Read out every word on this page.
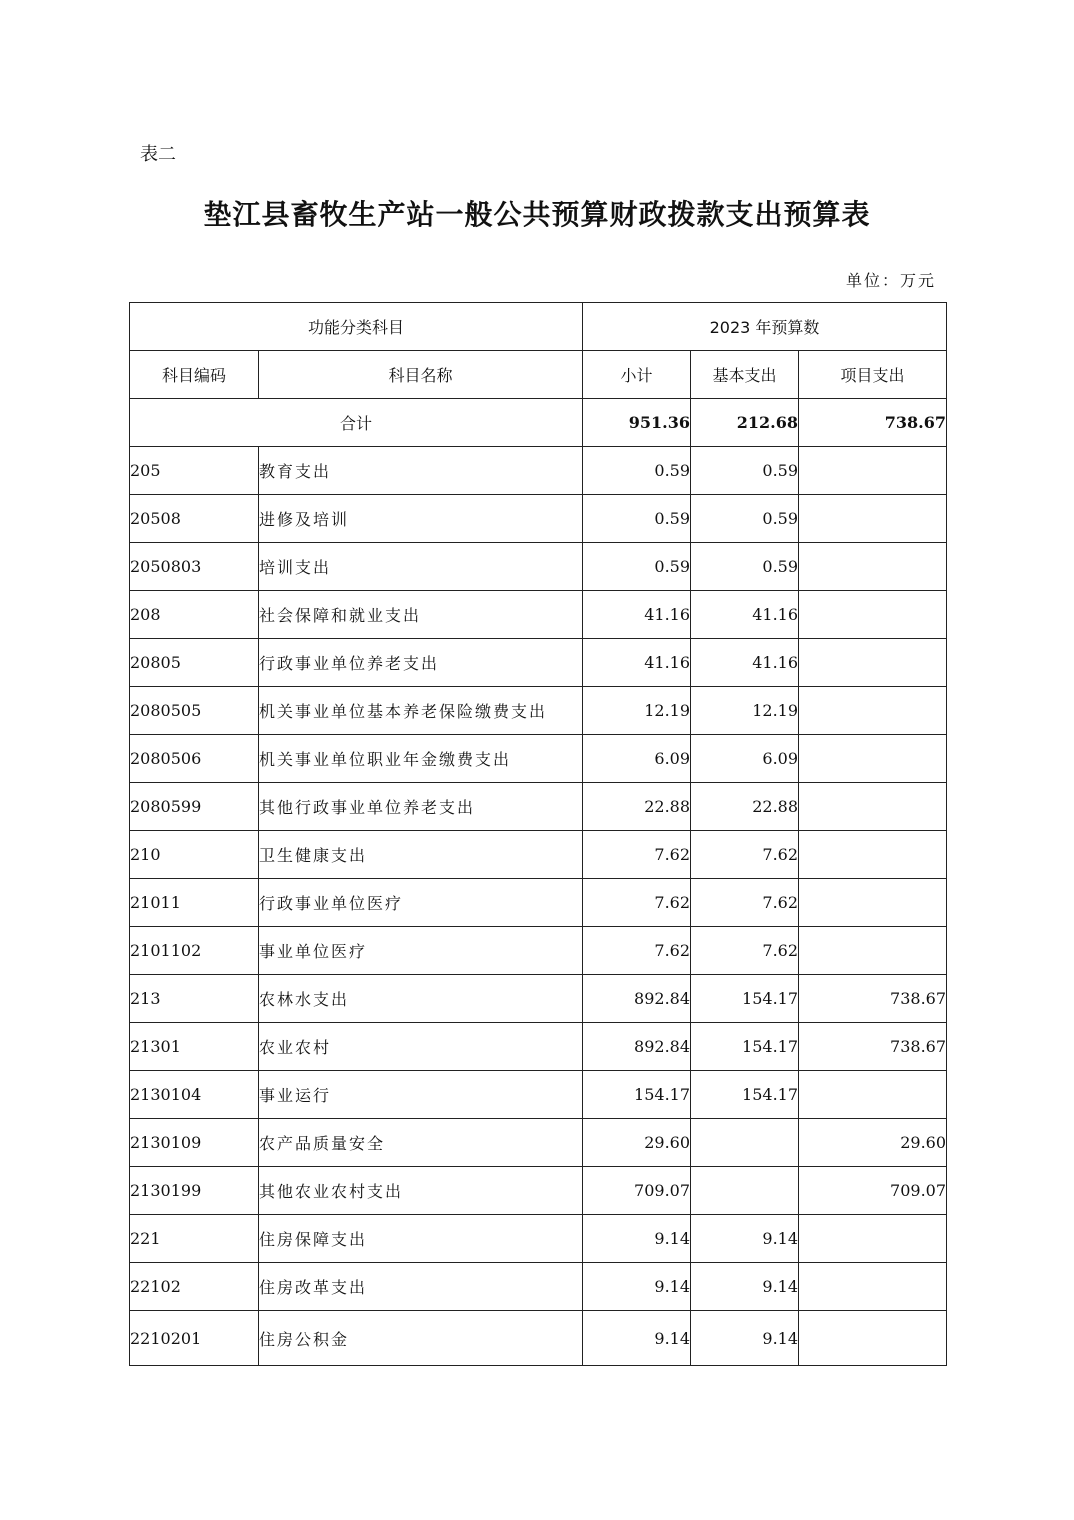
表二
垫江县畜牧生产站一般公共预算财政拨款支出预算表
单位：万元
功能分类科目		2023 年预算数		
科目编码	科目名称	小计	基本支出	项目支出
合计		951.36	212.68	738.67
205	教育支出	0.59	0.59	
20508	进修及培训	0.59	0.59	
2050803	培训支出	0.59	0.59	
208	社会保障和就业支出	41.16	41.16	
20805	行政事业单位养老支出	41.16	41.16	
2080505	机关事业单位基本养老保险缴费支出	12.19	12.19	
2080506	机关事业单位职业年金缴费支出	6.09	6.09	
2080599	其他行政事业单位养老支出	22.88	22.88	
210	卫生健康支出	7.62	7.62	
21011	行政事业单位医疗	7.62	7.62	
2101102	事业单位医疗	7.62	7.62	
213	农林水支出	892.84	154.17	738.67
21301	农业农村	892.84	154.17	738.67
2130104	事业运行	154.17	154.17	
2130109	农产品质量安全	29.60		29.60
2130199	其他农业农村支出	709.07		709.07
221	住房保障支出	9.14	9.14	
22102	住房改革支出	9.14	9.14	
2210201	住房公积金	9.14	9.14	
